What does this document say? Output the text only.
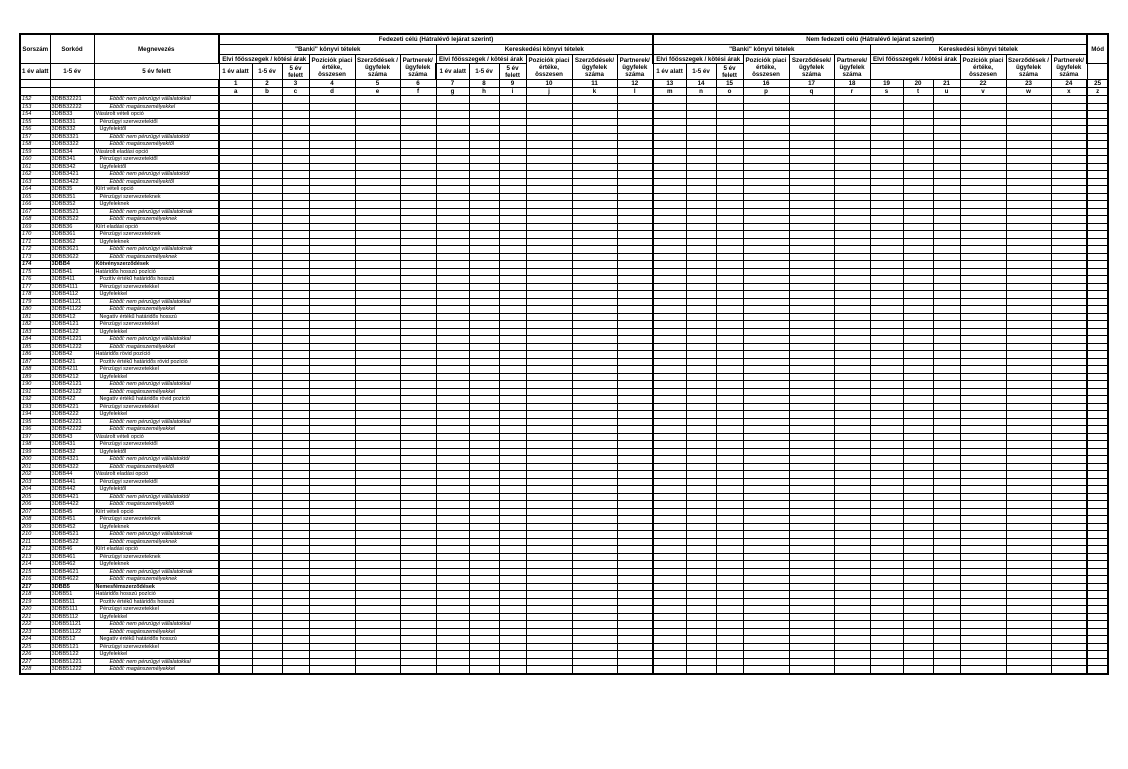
Sorszám	Sorkód	Megnevezés	Fedezeti célú (Hátralévő lejárat szerint)												Nem fedezeti célú (Hátralévő lejárat szerint)												Mód
			"Banki" könyvi tételek						Kereskedési könyvi tételek						"Banki" könyvi tételek						Kereskedési könyvi tételek						
			Elvi főösszegek / kötési árak			Pozíciók piaci értéke, összesen	Szerződések / ügyfelek száma	Partnerek/ ügyfelek száma	Elvi főösszegek / kötési árak			Pozíciók piaci értéke, összesen	Szerződések/ ügyfelek száma	Partnerek/ ügyfelek száma	Elvi főösszegek / kötési árak			Pozíciók piaci értéke, összesen	Szerződések/ ügyfelek száma	Partnerek/ ügyfelek száma	Elvi főösszegek / kötési árak			Pozíciók piaci értéke, összesen	Szerződések / ügyfelek száma	Partnerek/ ügyfelek száma	
1 év alatt	1-5 év	5 év felett	1 év alatt	1-5 év	5 év felett				1 év alatt	1-5 év	5 év felett				1 év alatt	1-5 év	5 év felett										
			1	2	3	4	5	6	7	8	9	10	11	12	13	14	15	16	17	18	19	20	21	22	23	24	25
			a	b	c	d	e	f	g	h	i	j	k	l	m	n	o	p	q	r	s	t	u	v	w	x	z
152	3DBB32221	Ebből: nem pénzügyi vállalatokkal																									
153	3DBB32222	Ebből: magánszemélyekkel																									
154	3DBB33	Vásárolt vételi opció																									
155	3DBB331	Pénzügyi szervezetektől																									
156	3DBB332	Ügyfelektől																									
157	3DBB3321	Ebből: nem pénzügyi vállalatoktól																									
158	3DBB3322	Ebből: magánszemélyektől																									
159	3DBB34	Vásárolt eladási opció																									
160	3DBB341	Pénzügyi szervezetektől																									
161	3DBB342	Ügyfelektől																									
162	3DBB3421	Ebből: nem pénzügyi vállalatoktól																									
163	3DBB3422	Ebből: magánszemélyektől																									
164	3DBB35	Kiírt vételi opció																									
165	3DBB351	Pénzügyi szervezeteknek																									
166	3DBB352	Ügyfeleknek																									
167	3DBB3521	Ebből: nem pénzügyi vállalatoknak																									
168	3DBB3522	Ebből: magánszemélyeknek																									
169	3DBB36	Kiírt eladási opció																									
170	3DBB361	Pénzügyi szervezeteknek																									
171	3DBB362	Ügyfeleknek																									
172	3DBB3621	Ebből: nem pénzügyi vállalatoknak																									
173	3DBB3622	Ebből: magánszemélyeknek																									
174	3DBB4	Kötvényszerződések																									
175	3DBB41	Határidős hosszú pozíció																									
176	3DBB411	Pozitív értékű határidős hosszú																									
177	3DBB4111	Pénzügyi szervezetekkel																									
178	3DBB4112	Ügyfelekkel																									
179	3DBB41121	Ebből: nem pénzügyi vállalatokkal																									
180	3DBB41122	Ebből: magánszemélyekkel																									
181	3DBB412	Negatív értékű határidős hosszú																									
182	3DBB4121	Pénzügyi szervezetekkel																									
183	3DBB4122	Ügyfelekkel																									
184	3DBB41221	Ebből: nem pénzügyi vállalatokkal																									
185	3DBB41222	Ebből: magánszemélyekkel																									
186	3DBB42	Határidős rövid pozíció																									
187	3DBB421	Pozitív értékű határidős rövid pozíció																									
188	3DBB4211	Pénzügyi szervezetekkel																									
189	3DBB4212	Ügyfelekkel																									
190	3DBB42121	Ebből: nem pénzügyi vállalatokkal																									
191	3DBB42122	Ebből: magánszemélyekkel																									
192	3DBB422	Negatív értékű határidős rövid pozíció																									
193	3DBB4221	Pénzügyi szervezetekkel																									
194	3DBB4222	Ügyfelekkel																									
195	3DBB42221	Ebből: nem pénzügyi vállalatokkal																									
196	3DBB42222	Ebből: magánszemélyekkel																									
197	3DBB43	Vásárolt vételi opció																									
198	3DBB431	Pénzügyi szervezetektől																									
199	3DBB432	Ügyfelektől																									
200	3DBB4321	Ebből: nem pénzügyi vállalatoktól																									
201	3DBB4322	Ebből: magánszemélyektől																									
202	3DBB44	Vásárolt eladási opció																									
203	3DBB441	Pénzügyi szervezetektől																									
204	3DBB442	Ügyfelektől																									
205	3DBB4421	Ebből: nem pénzügyi vállalatoktól																									
206	3DBB4422	Ebből: magánszemélyektől																									
207	3DBB45	Kiírt vételi opció																									
208	3DBB451	Pénzügyi szervezeteknek																									
209	3DBB452	Ügyfeleknek																									
210	3DBB4521	Ebből: nem pénzügyi vállalatoknak																									
211	3DBB4522	Ebből: magánszemélyeknek																									
212	3DBB46	Kiírt eladási opció																									
213	3DBB461	Pénzügyi szervezeteknek																									
214	3DBB462	Ügyfeleknek																									
215	3DBB4621	Ebből: nem pénzügyi vállalatoknak																									
216	3DBB4622	Ebből: magánszemélyeknek																									
217	3DBB5	Nemesfémszerződések																									
218	3DBB51	Határidős hosszú pozíció																									
219	3DBB511	Pozitív értékű határidős hosszú																									
220	3DBB5111	Pénzügyi szervezetekkel																									
221	3DBB5112	Ügyfelekkel																									
222	3DBB51121	Ebből: nem pénzügyi vállalatokkal																									
223	3DBB51122	Ebből: magánszemélyekkel																									
224	3DBB512	Negatív értékű határidős hosszú																									
225	3DBB5121	Pénzügyi szervezetekkel																									
226	3DBB5122	Ügyfelekkel																									
227	3DBB51221	Ebből: nem pénzügyi vállalatokkal																									
228	3DBB51222	Ebből: magánszemélyekkel																									
